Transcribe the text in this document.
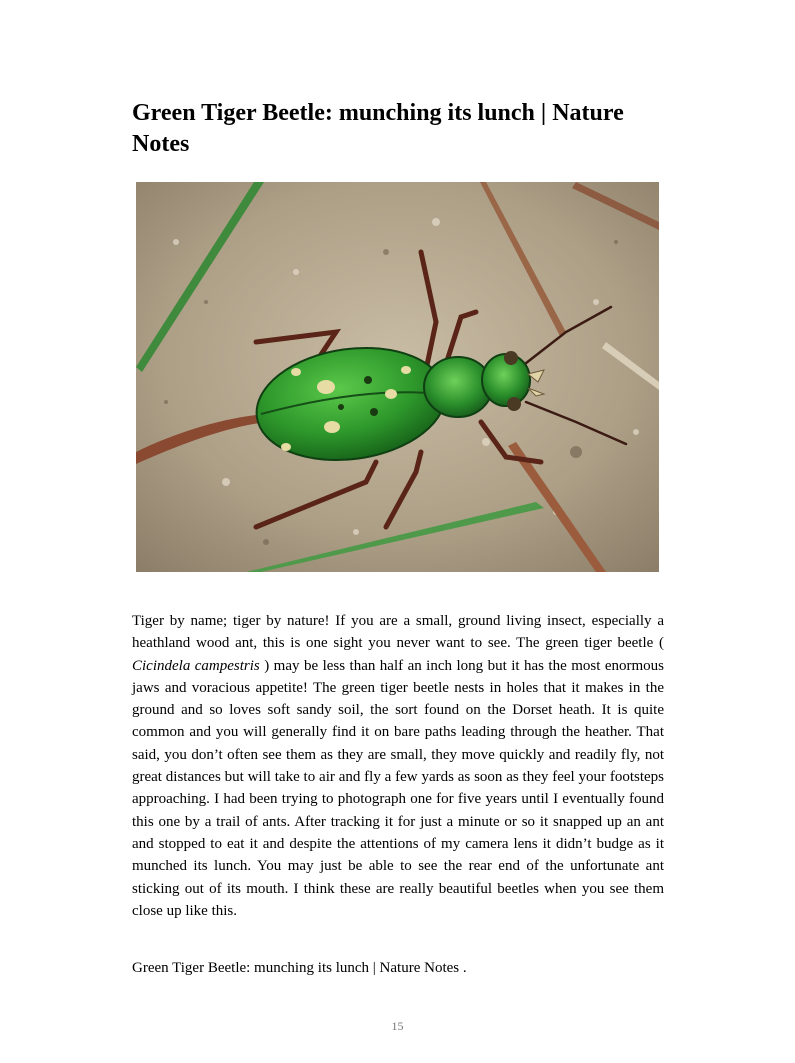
Green Tiger Beetle: munching its lunch | Nature Notes

Tiger by name; tiger by nature! If you are a small, ground living insect, especially a heathland wood ant, this is one sight you never want to see. The green tiger beetle ( Cicindela campestris ) may be less than half an inch long but it has the most enormous jaws and voracious appetite! The green tiger beetle nests in holes that it makes in the ground and so loves soft sandy soil, the sort found on the Dorset heath. It is quite common and you will generally find it on bare paths leading through the heather. That said, you don’t often see them as they are small, they move quickly and readily fly, not great distances but will take to air and fly a few yards as soon as they feel your footsteps approaching. I had been trying to photograph one for five years until I eventually found this one by a trail of ants. After tracking it for just a minute or so it snapped up an ant and stopped to eat it and despite the attentions of my camera lens it didn’t budge as it munched its lunch. You may just be able to see the rear end of the unfortunate ant sticking out of its mouth. I think these are really beautiful beetles when you see them close up like this.

Green Tiger Beetle: munching its lunch | Nature Notes .

15
